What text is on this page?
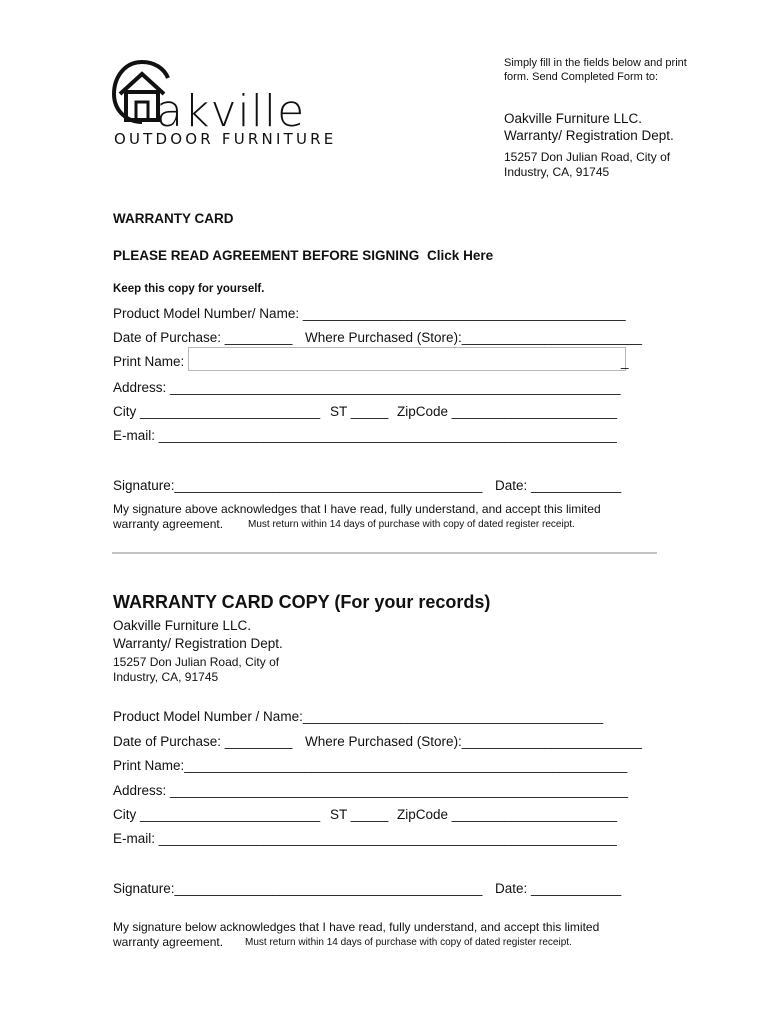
akville
OUTDOOR FURNITURE
Simply fill in the fields below and print form. Send Completed Form to:
Oakville Furniture LLC.
Warranty/ Registration Dept.
15257 Don Julian Road, City of
Industry, CA, 91745
WARRANTY CARD
PLEASE READ AGREEMENT BEFORE SIGNING Click Here
Keep this copy for yourself.
Product Model Number/ Name: ___________________________________________
Date of Purchase: _________ Where Purchased (Store):________________________
Print Name:	_
Address: ____________________________________________________________
City ________________________ ST _____ ZipCode ______________________
E-mail: _____________________________________________________________
Signature:_________________________________________ Date: ____________
My signature above acknowledges that I have read, fully understand, and accept this limited
warranty agreement. Must return within 14 days of purchase with copy of dated register receipt.
WARRANTY CARD COPY (For your records)
Oakville Furniture LLC.
Warranty/ Registration Dept.
15257 Don Julian Road, City of
Industry, CA, 91745
Product Model Number / Name:________________________________________
Date of Purchase: _________ Where Purchased (Store):________________________
Print Name:___________________________________________________________
Address: _____________________________________________________________
City ________________________ ST _____ ZipCode ______________________
E-mail: _____________________________________________________________
Signature:_________________________________________ Date: ____________
My signature below acknowledges that I have read, fully understand, and accept this limited
warranty agreement. Must return within 14 days of purchase with copy of dated register receipt.
